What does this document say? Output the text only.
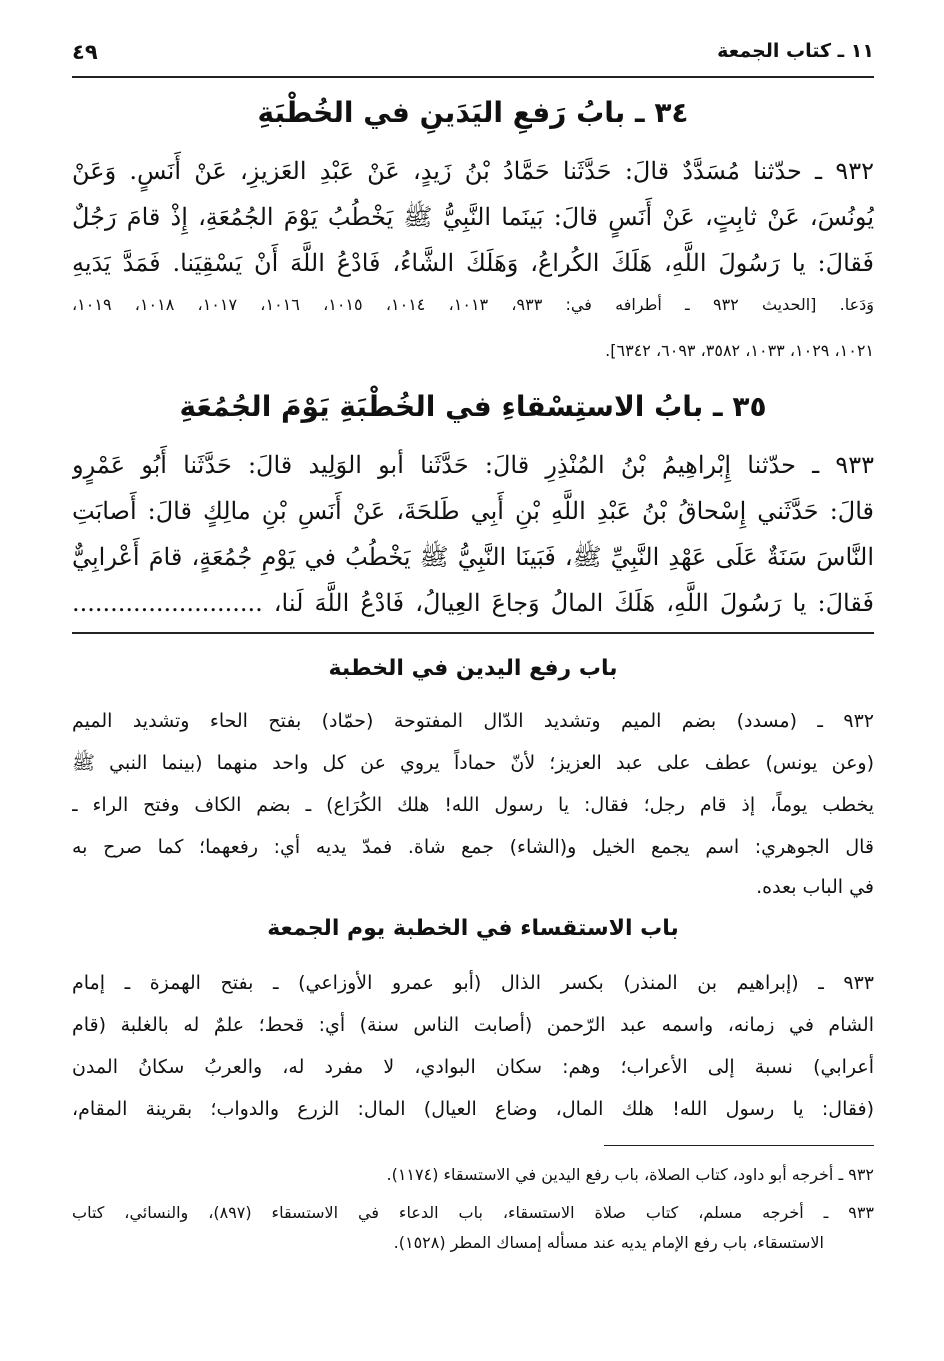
١١ ـ كتاب الجمعة
٤٩
٣٤ ـ بابُ رَفعِ اليَدَينِ في الخُطْبَةِ
٩٣٢ ـ حدّثنا مُسَدَّدٌ قالَ: حَدَّثَنا حَمَّادُ بْنُ زَيدٍ، عَنْ عَبْدِ العَزيزِ، عَنْ أَنَسٍ. وَعَنْ
يُونُسَ، عَنْ ثابِتٍ، عَنْ أَنَسٍ قالَ: بَينَما النَّبِيُّ ﷺ يَخْطُبُ يَوْمَ الجُمُعَةِ، إِذْ قامَ رَجُلٌ
فَقالَ: يا رَسُولَ اللَّهِ، هَلَكَ الكُراعُ، وَهَلَكَ الشَّاءُ، فَادْعُ اللَّهَ أَنْ يَسْقِيَنا. فَمَدَّ يَدَيهِ
وَدَعا. [الحديث ٩٣٢ ـ أطرافه في: ٩٣٣، ١٠١٣، ١٠١٤، ١٠١٥، ١٠١٦، ١٠١٧، ١٠١٨، ١٠١٩،
١٠٢١، ١٠٢٩، ١٠٣٣، ٣٥٨٢، ٦٠٩٣، ٦٣٤٢].
٣٥ ـ بابُ الاستِسْقاءِ في الخُطْبَةِ يَوْمَ الجُمُعَةِ
٩٣٣ ـ حدّثنا إِبْراهِيمُ بْنُ المُنْذِرِ قالَ: حَدَّثَنا أبو الوَلِيد قالَ: حَدَّثَنا أَبُو عَمْرٍو
قالَ: حَدَّثَني إِسْحاقُ بْنُ عَبْدِ اللَّهِ بْنِ أَبِي طَلحَةَ، عَنْ أَنَسِ بْنِ مالِكٍ قالَ: أَصابَتِ
النَّاسَ سَنَةٌ عَلَى عَهْدِ النَّبِيِّ ﷺ، فَبَينَا النَّبِيُّ ﷺ يَخْطُبُ في يَوْمِ جُمُعَةٍ، قامَ أَعْرابِيٌّ
فَقالَ: يا رَسُولَ اللَّهِ، هَلَكَ المالُ وَجاعَ العِيالُ، فَادْعُ اللَّهَ لَنا، .........................
باب رفع اليدين في الخطبة
٩٣٢ ـ (مسدد) بضم الميم وتشديد الدّال المفتوحة (حمّاد) بفتح الحاء وتشديد الميم
(وعن يونس) عطف على عبد العزيز؛ لأنّ حماداً يروي عن كل واحد منهما (بينما النبي ﷺ
يخطب يوماً، إذ قام رجل؛ فقال: يا رسول الله! هلك الكُرَاع) ـ بضم الكاف وفتح الراء ـ
قال الجوهري: اسم يجمع الخيل و(الشاء) جمع شاة. فمدّ يديه أي: رفعهما؛ كما صرح به
في الباب بعده.
باب الاستقساء في الخطبة يوم الجمعة
٩٣٣ ـ (إبراهيم بن المنذر) بكسر الذال (أبو عمرو الأوزاعي) ـ بفتح الهمزة ـ إمام
الشام في زمانه، واسمه عبد الرّحمن (أصابت الناس سنة) أي: قحط؛ علمٌ له بالغلبة (قام
أعرابي) نسبة إلى الأعراب؛ وهم: سكان البوادي، لا مفرد له، والعربُ سكانُ المدن
(فقال: يا رسول الله! هلك المال، وضاع العيال) المال: الزرع والدواب؛ بقرينة المقام،
٩٣٢ ـ أخرجه أبو داود، كتاب الصلاة، باب رفع اليدين في الاستسقاء (١١٧٤).
٩٣٣ ـ أخرجه مسلم، كتاب صلاة الاستسقاء، باب الدعاء في الاستسقاء (٨٩٧)، والنسائي، كتاب
الاستسقاء، باب رفع الإمام يديه عند مسأله إمساك المطر (١٥٢٨).
